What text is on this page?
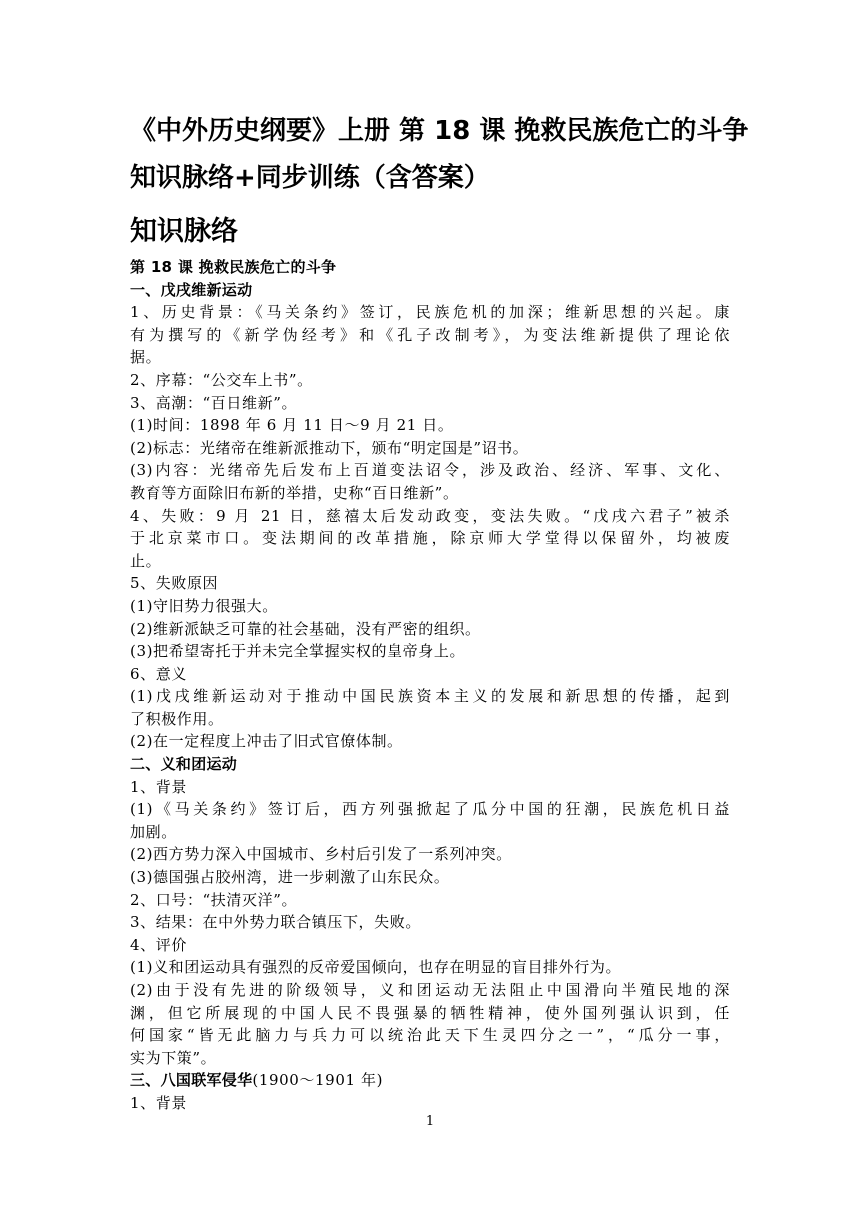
《中外历史纲要》上册 第 18 课 挽救民族危亡的斗争
知识脉络+同步训练（含答案）
知识脉络
第 18 课 挽救民族危亡的斗争
一、戊戌维新运动
1、历史背景：《马关条约》签订，民族危机的加深；维新思想的兴起。康
有为撰写的《新学伪经考》和《孔子改制考》，为变法维新提供了理论依
据。
2、序幕：“公交车上书”。
3、高潮：“百日维新”。
(1)时间：1898 年 6 月 11 日～9 月 21 日。
(2)标志：光绪帝在维新派推动下，颁布“明定国是”诏书。
(3)内容：光绪帝先后发布上百道变法诏令，涉及政治、经济、军事、文化、
教育等方面除旧布新的举措，史称“百日维新”。
4、失败：9 月 21 日，慈禧太后发动政变，变法失败。“戊戌六君子”被杀
于北京菜市口。变法期间的改革措施，除京师大学堂得以保留外，均被废
止。
5、失败原因
(1)守旧势力很强大。
(2)维新派缺乏可靠的社会基础，没有严密的组织。
(3)把希望寄托于并未完全掌握实权的皇帝身上。
6、意义
(1)戊戌维新运动对于推动中国民族资本主义的发展和新思想的传播，起到
了积极作用。
(2)在一定程度上冲击了旧式官僚体制。
二、义和团运动
1、背景
(1)《马关条约》签订后，西方列强掀起了瓜分中国的狂潮，民族危机日益
加剧。
(2)西方势力深入中国城市、乡村后引发了一系列冲突。
(3)德国强占胶州湾，进一步刺激了山东民众。
2、口号：“扶清灭洋”。
3、结果：在中外势力联合镇压下，失败。
4、评价
(1)义和团运动具有强烈的反帝爱国倾向，也存在明显的盲目排外行为。
(2)由于没有先进的阶级领导，义和团运动无法阻止中国滑向半殖民地的深
渊，但它所展现的中国人民不畏强暴的牺牲精神，使外国列强认识到，任
何国家“皆无此脑力与兵力可以统治此天下生灵四分之一”，“瓜分一事，
实为下策”。
三、八国联军侵华(1900～1901 年)
1、背景
1
